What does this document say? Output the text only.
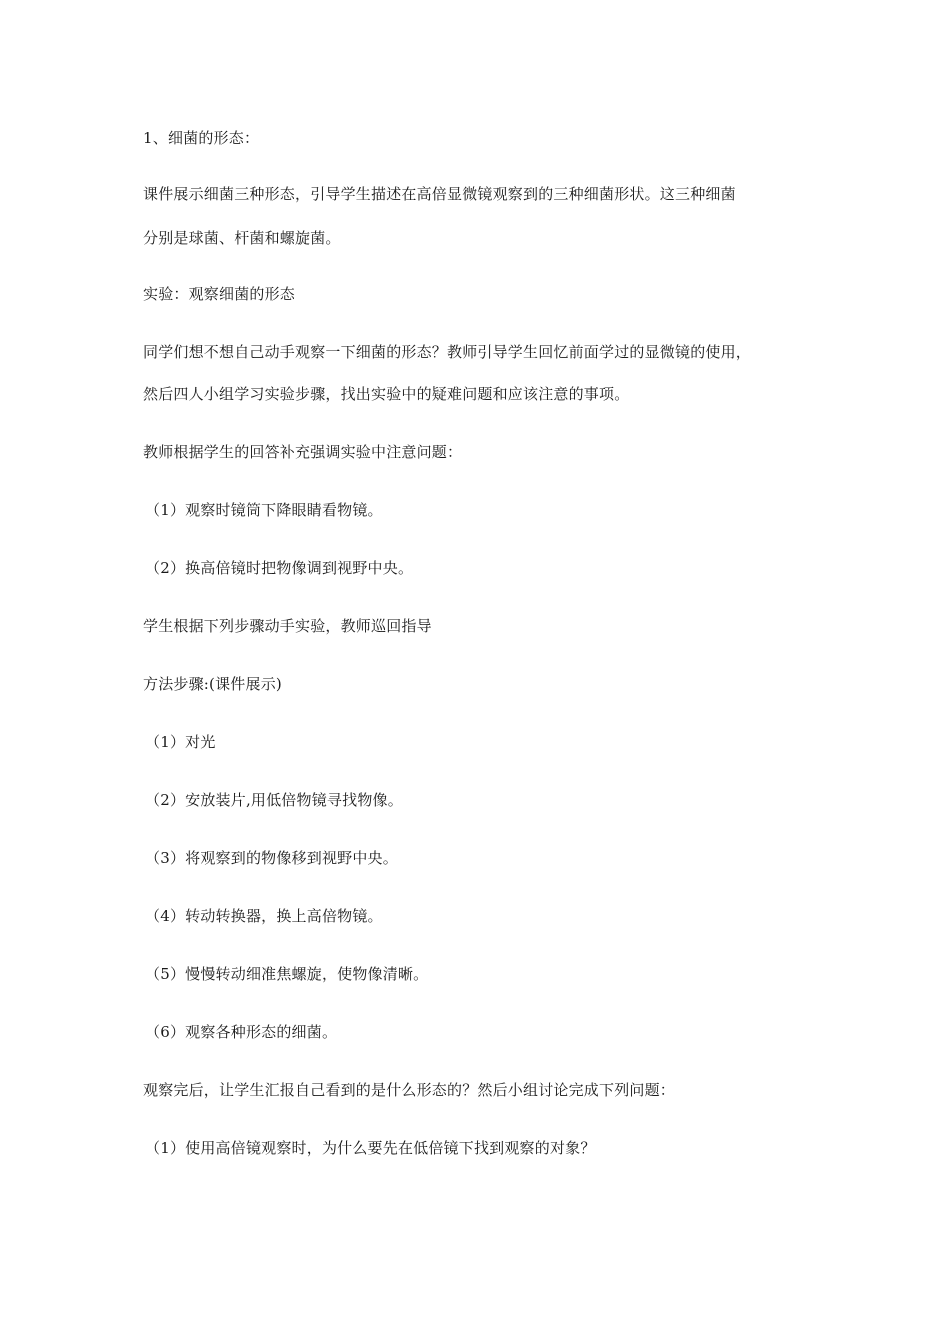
1、细菌的形态：
课件展示细菌三种形态，引导学生描述在高倍显微镜观察到的三种细菌形状。这三种细菌
分别是球菌、杆菌和螺旋菌。
实验：观察细菌的形态
同学们想不想自己动手观察一下细菌的形态？教师引导学生回忆前面学过的显微镜的使用，
然后四人小组学习实验步骤，找出实验中的疑难问题和应该注意的事项。
教师根据学生的回答补充强调实验中注意问题：
（1）观察时镜筒下降眼睛看物镜。
（2）换高倍镜时把物像调到视野中央。
学生根据下列步骤动手实验，教师巡回指导
方法步骤:(课件展示)
（1）对光
（2）安放装片,用低倍物镜寻找物像。
（3）将观察到的物像移到视野中央。
（4）转动转换器，换上高倍物镜。
（5）慢慢转动细准焦螺旋，使物像清晰。
（6）观察各种形态的细菌。
观察完后，让学生汇报自己看到的是什么形态的？然后小组讨论完成下列问题：
（1）使用高倍镜观察时，为什么要先在低倍镜下找到观察的对象？
